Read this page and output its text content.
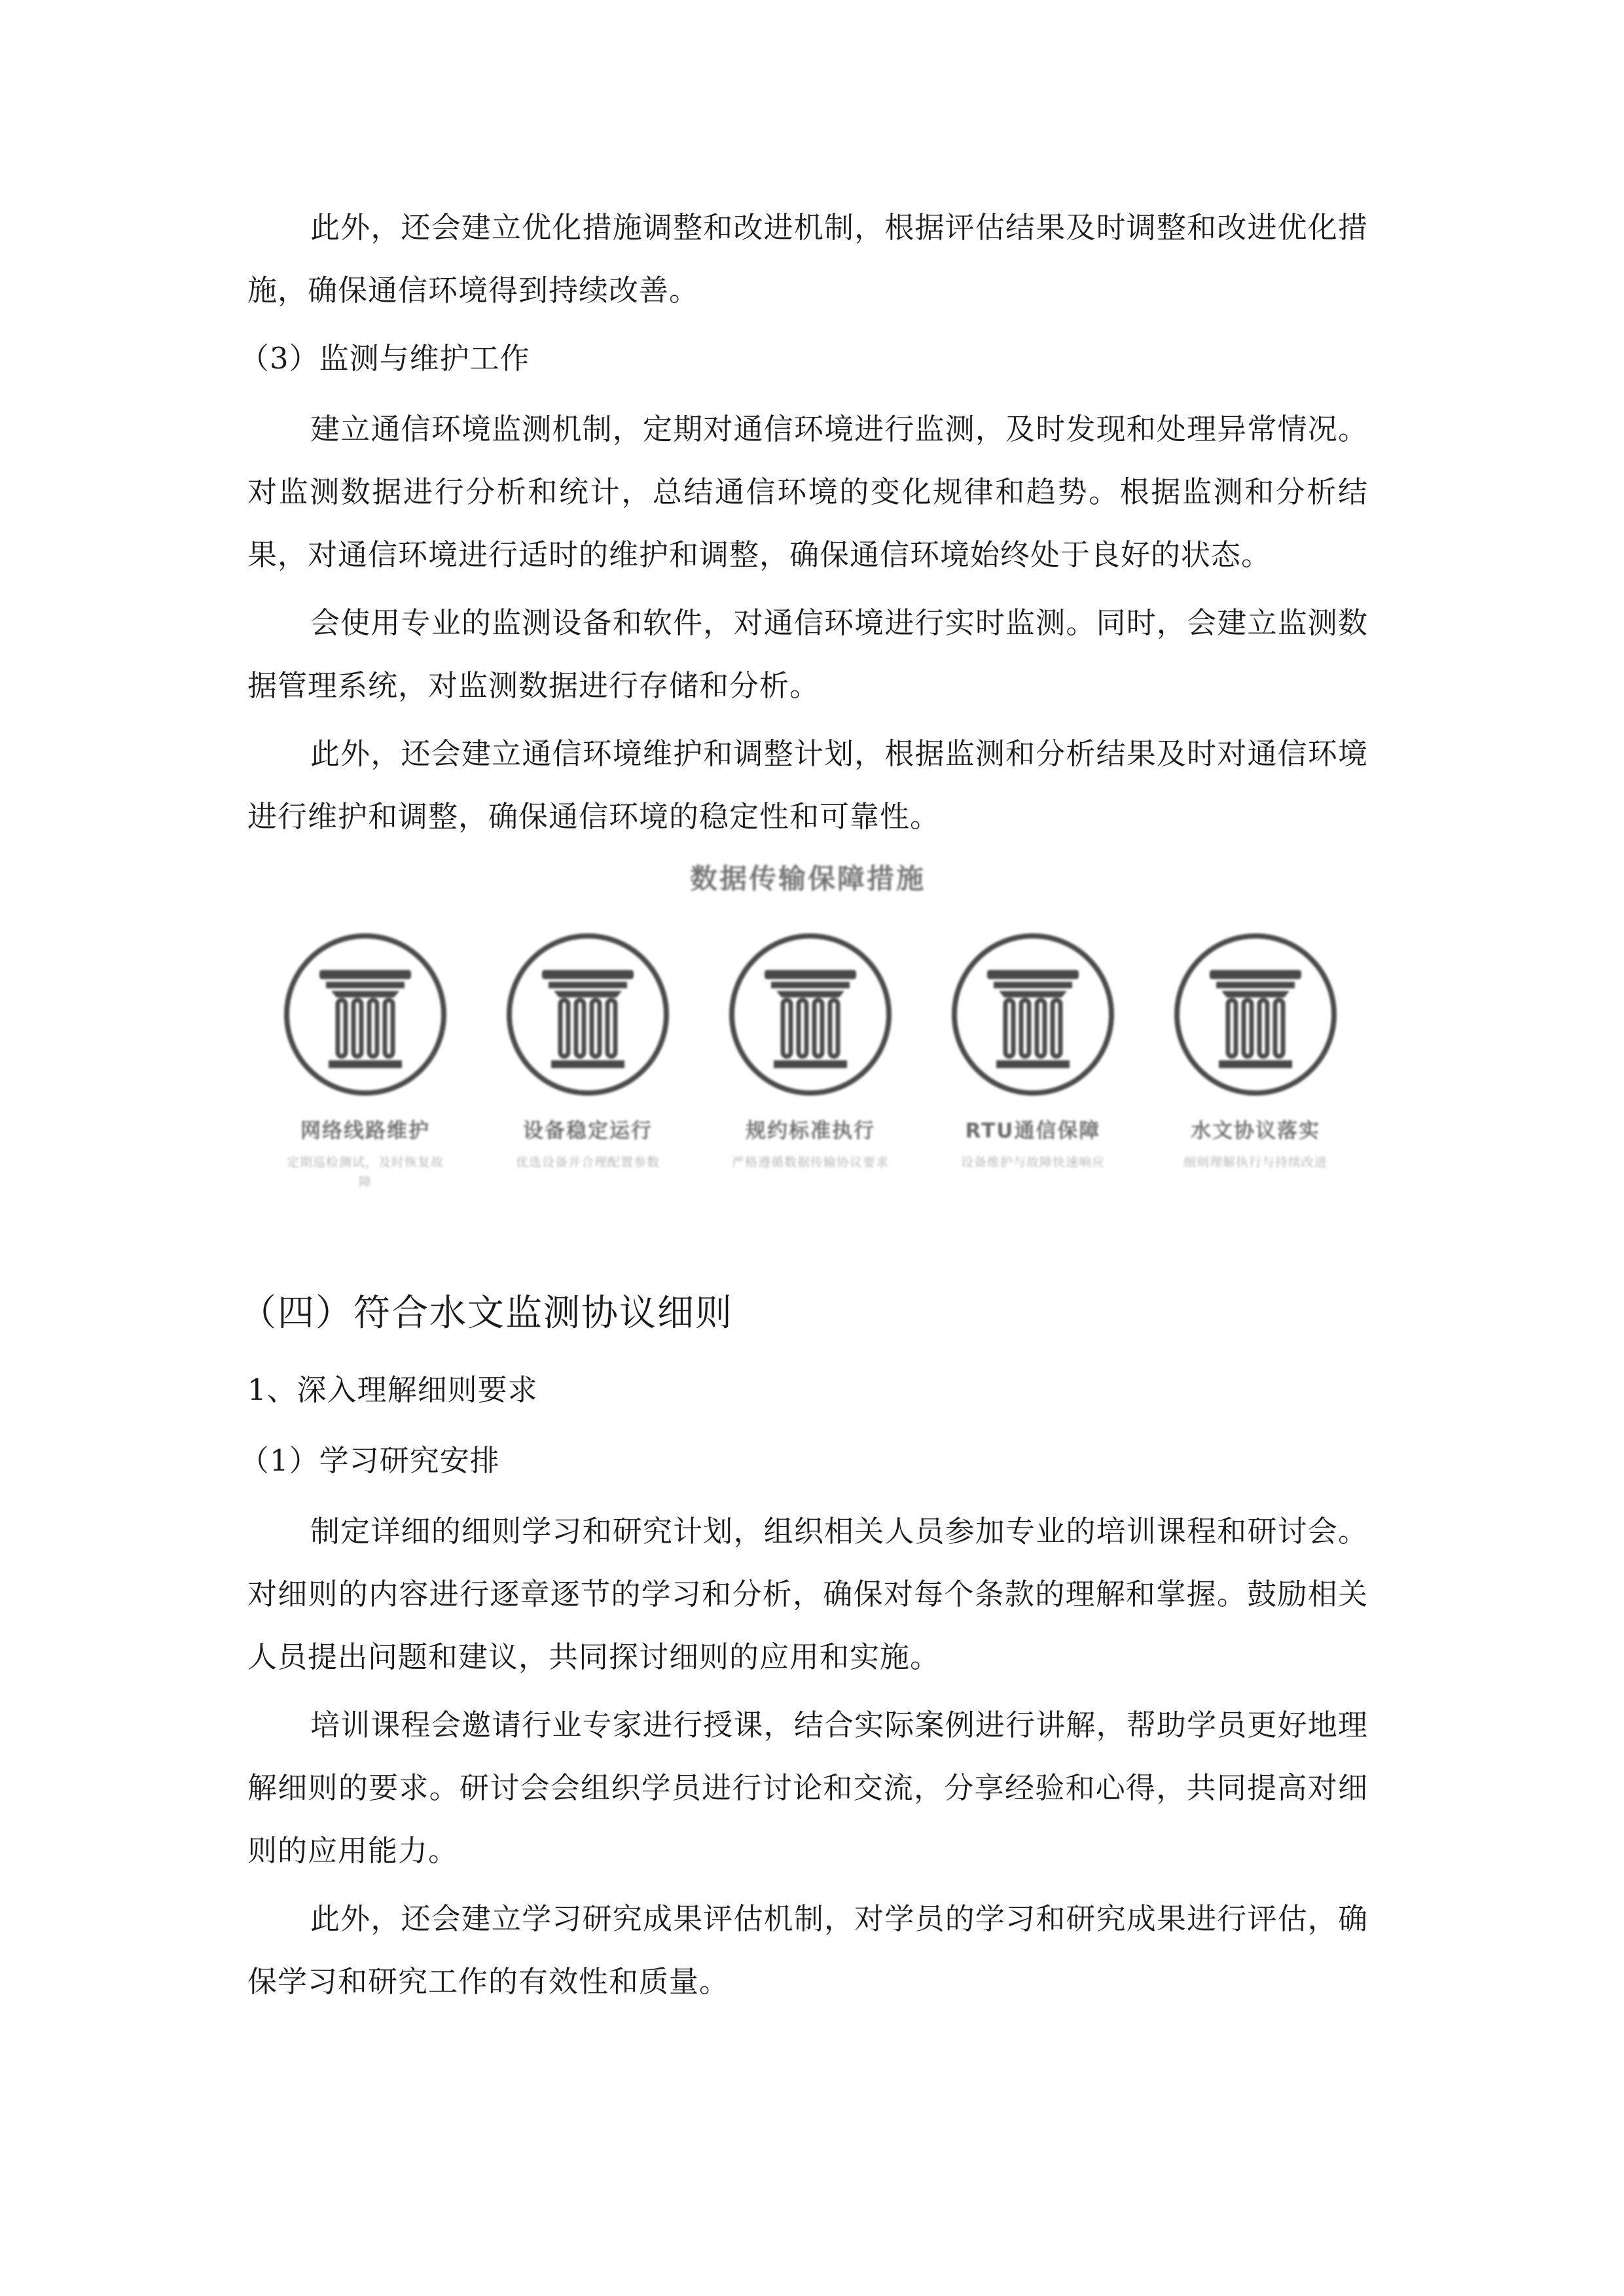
此外，还会建立优化措施调整和改进机制，根据评估结果及时调整和改进优化措施，确保通信环境得到持续改善。

（3）监测与维护工作

建立通信环境监测机制，定期对通信环境进行监测，及时发现和处理异常情况。对监测数据进行分析和统计，总结通信环境的变化规律和趋势。根据监测和分析结果，对通信环境进行适时的维护和调整，确保通信环境始终处于良好的状态。

会使用专业的监测设备和软件，对通信环境进行实时监测。同时，会建立监测数据管理系统，对监测数据进行存储和分析。

此外，还会建立通信环境维护和调整计划，根据监测和分析结果及时对通信环境进行维护和调整，确保通信环境的稳定性和可靠性。

数据传输保障措施
网络线路维护
定期巡检测试，及时恢复故障
设备稳定运行
优选设备并合理配置参数
规约标准执行
严格遵循数据传输协议要求
RTU通信保障
设备维护与故障快速响应
水文协议落实
细则理解执行与持续改进
（四）符合水文监测协议细则

1、深入理解细则要求

（1）学习研究安排

制定详细的细则学习和研究计划，组织相关人员参加专业的培训课程和研讨会。对细则的内容进行逐章逐节的学习和分析，确保对每个条款的理解和掌握。鼓励相关人员提出问题和建议，共同探讨细则的应用和实施。

培训课程会邀请行业专家进行授课，结合实际案例进行讲解，帮助学员更好地理解细则的要求。研讨会会组织学员进行讨论和交流，分享经验和心得，共同提高对细则的应用能力。

此外，还会建立学习研究成果评估机制，对学员的学习和研究成果进行评估，确保学习和研究工作的有效性和质量。
